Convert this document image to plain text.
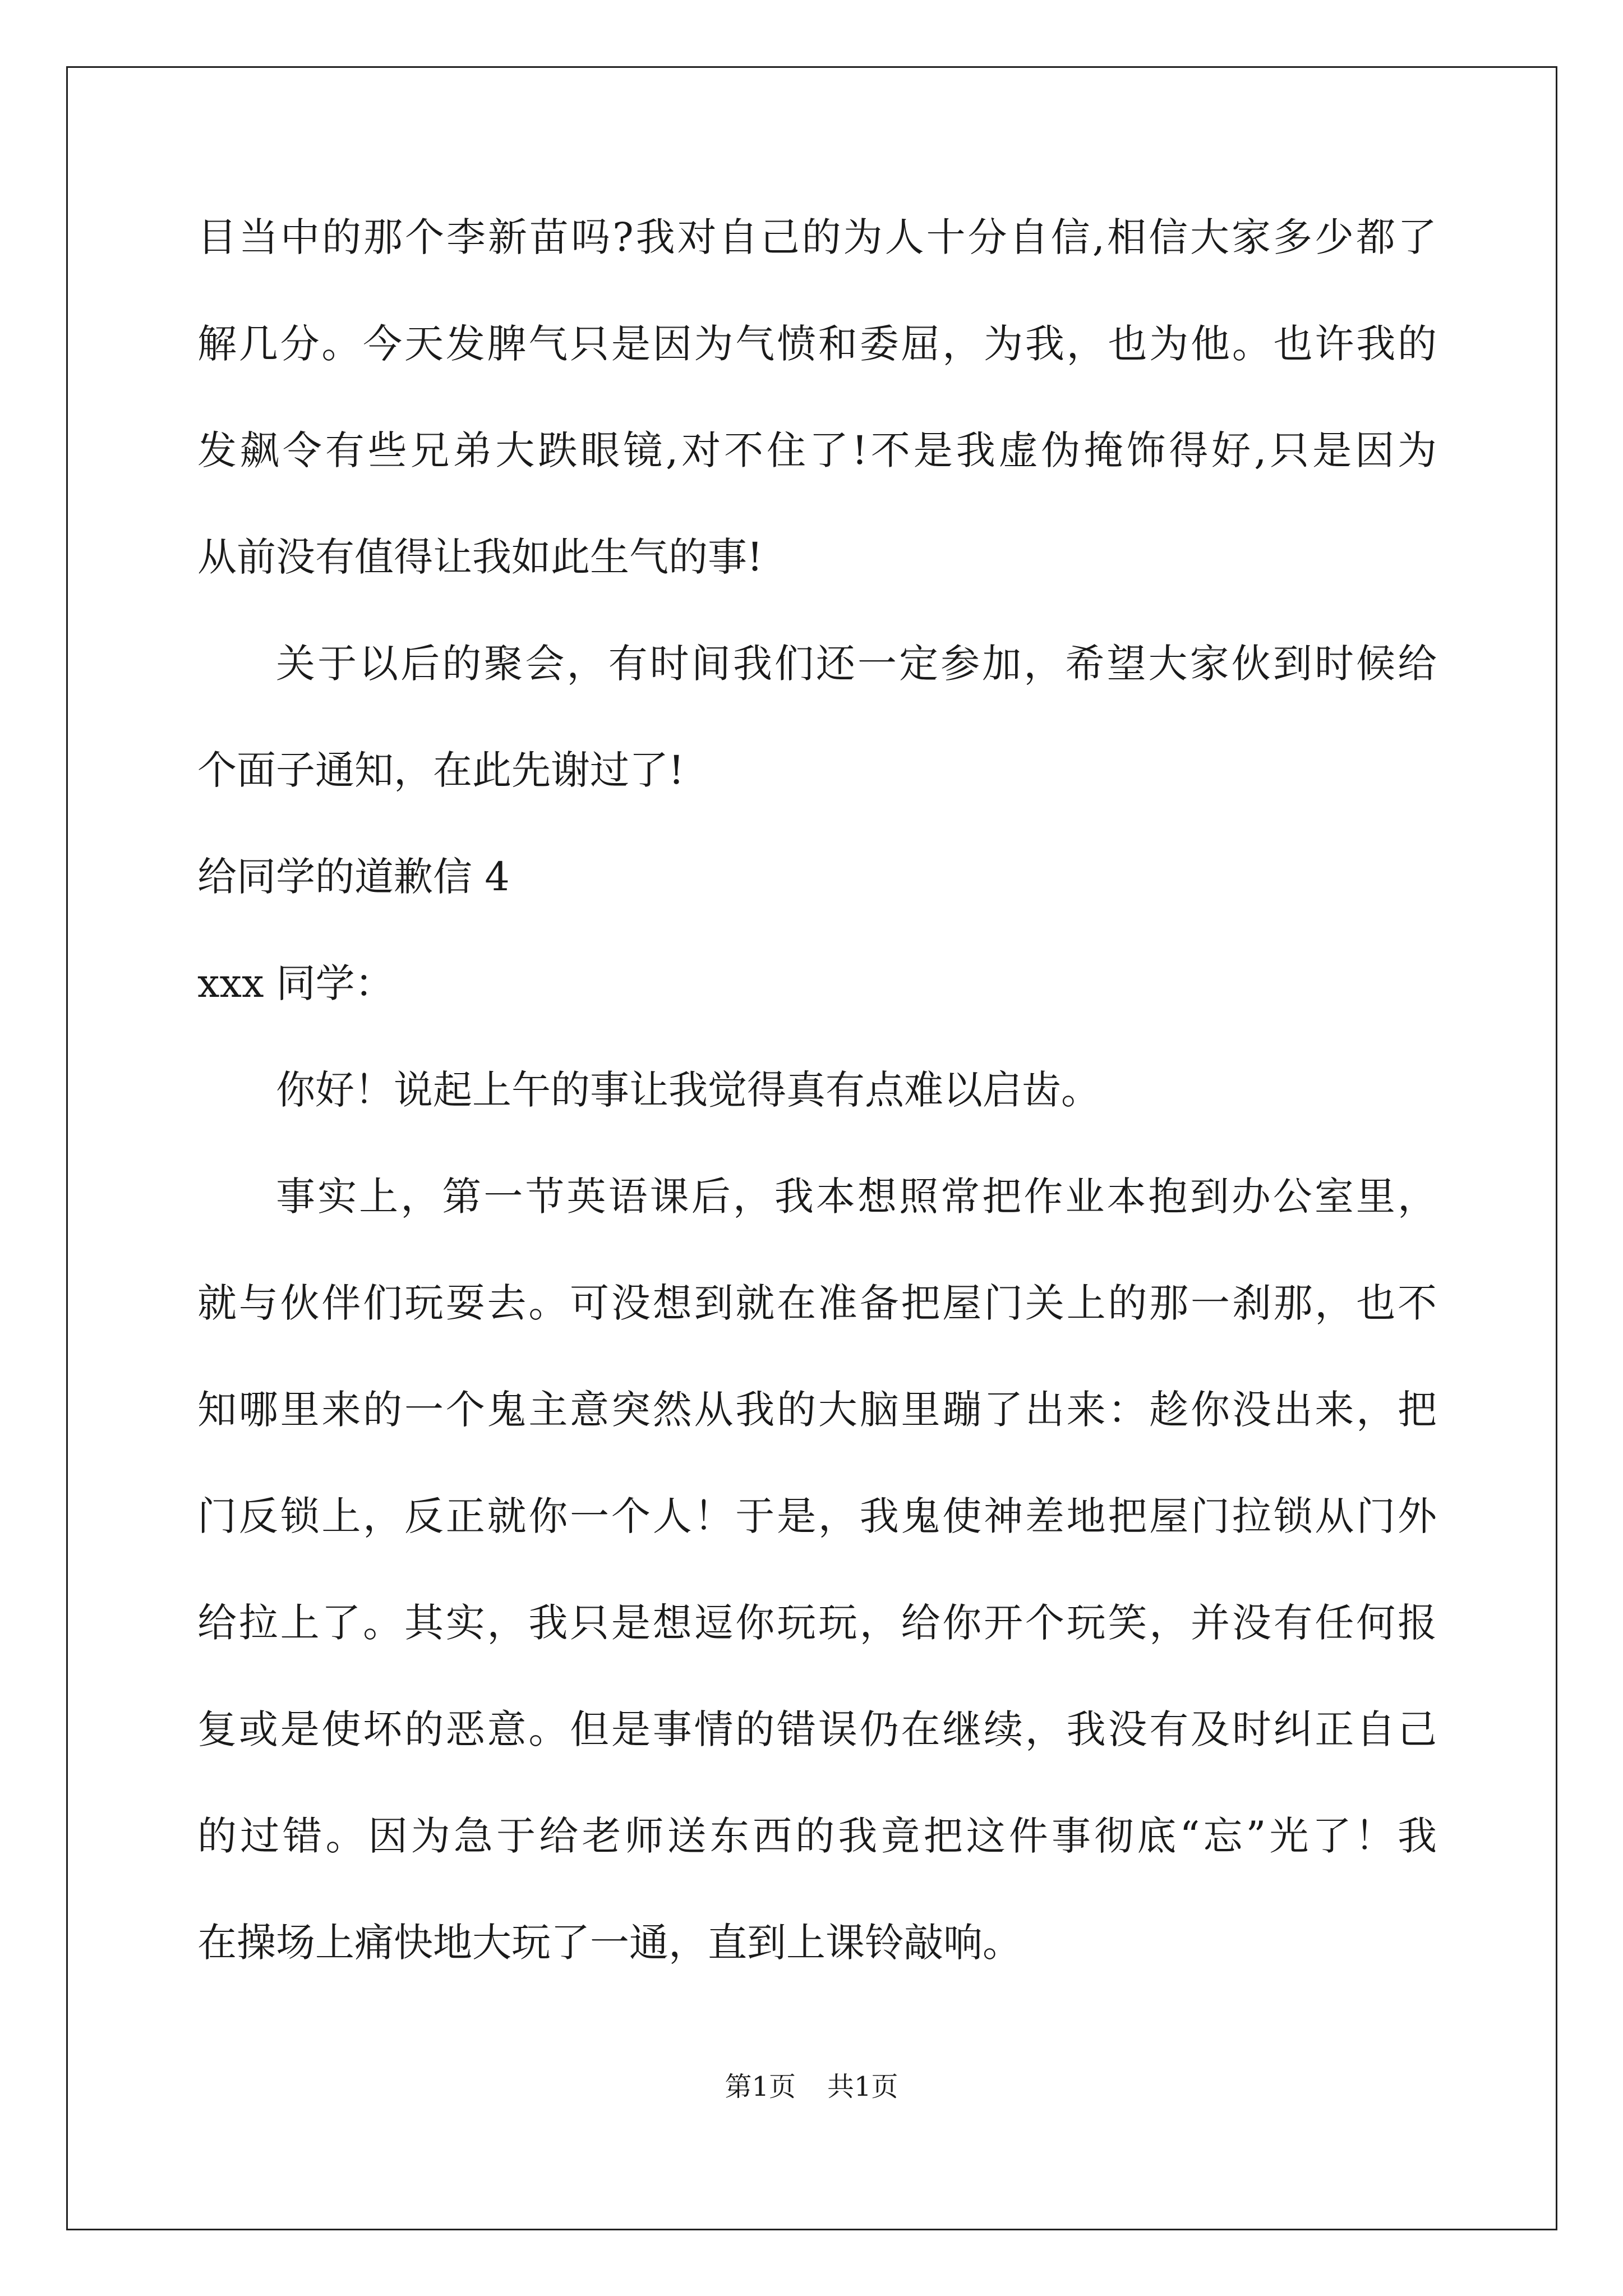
目当中的那个李新苗吗?我对自己的为人十分自信,相信大家多少都了
解几分。今天发脾气只是因为气愤和委屈，为我，也为他。也许我的
发飙令有些兄弟大跌眼镜,对不住了!不是我虚伪掩饰得好,只是因为
从前没有值得让我如此生气的事!
关于以后的聚会，有时间我们还一定参加，希望大家伙到时候给
个面子通知，在此先谢过了!
给同学的道歉信 4
xxx 同学：
你好！说起上午的事让我觉得真有点难以启齿。
事实上，第一节英语课后，我本想照常把作业本抱到办公室里，
就与伙伴们玩耍去。可没想到就在准备把屋门关上的那一刹那，也不
知哪里来的一个鬼主意突然从我的大脑里蹦了出来：趁你没出来，把
门反锁上，反正就你一个人！于是，我鬼使神差地把屋门拉锁从门外
给拉上了。其实，我只是想逗你玩玩，给你开个玩笑，并没有任何报
复或是使坏的恶意。但是事情的错误仍在继续，我没有及时纠正自己
的过错。因为急于给老师送东西的我竟把这件事彻底“忘”光了！我
在操场上痛快地大玩了一通，直到上课铃敲响。
第1页 共1页
